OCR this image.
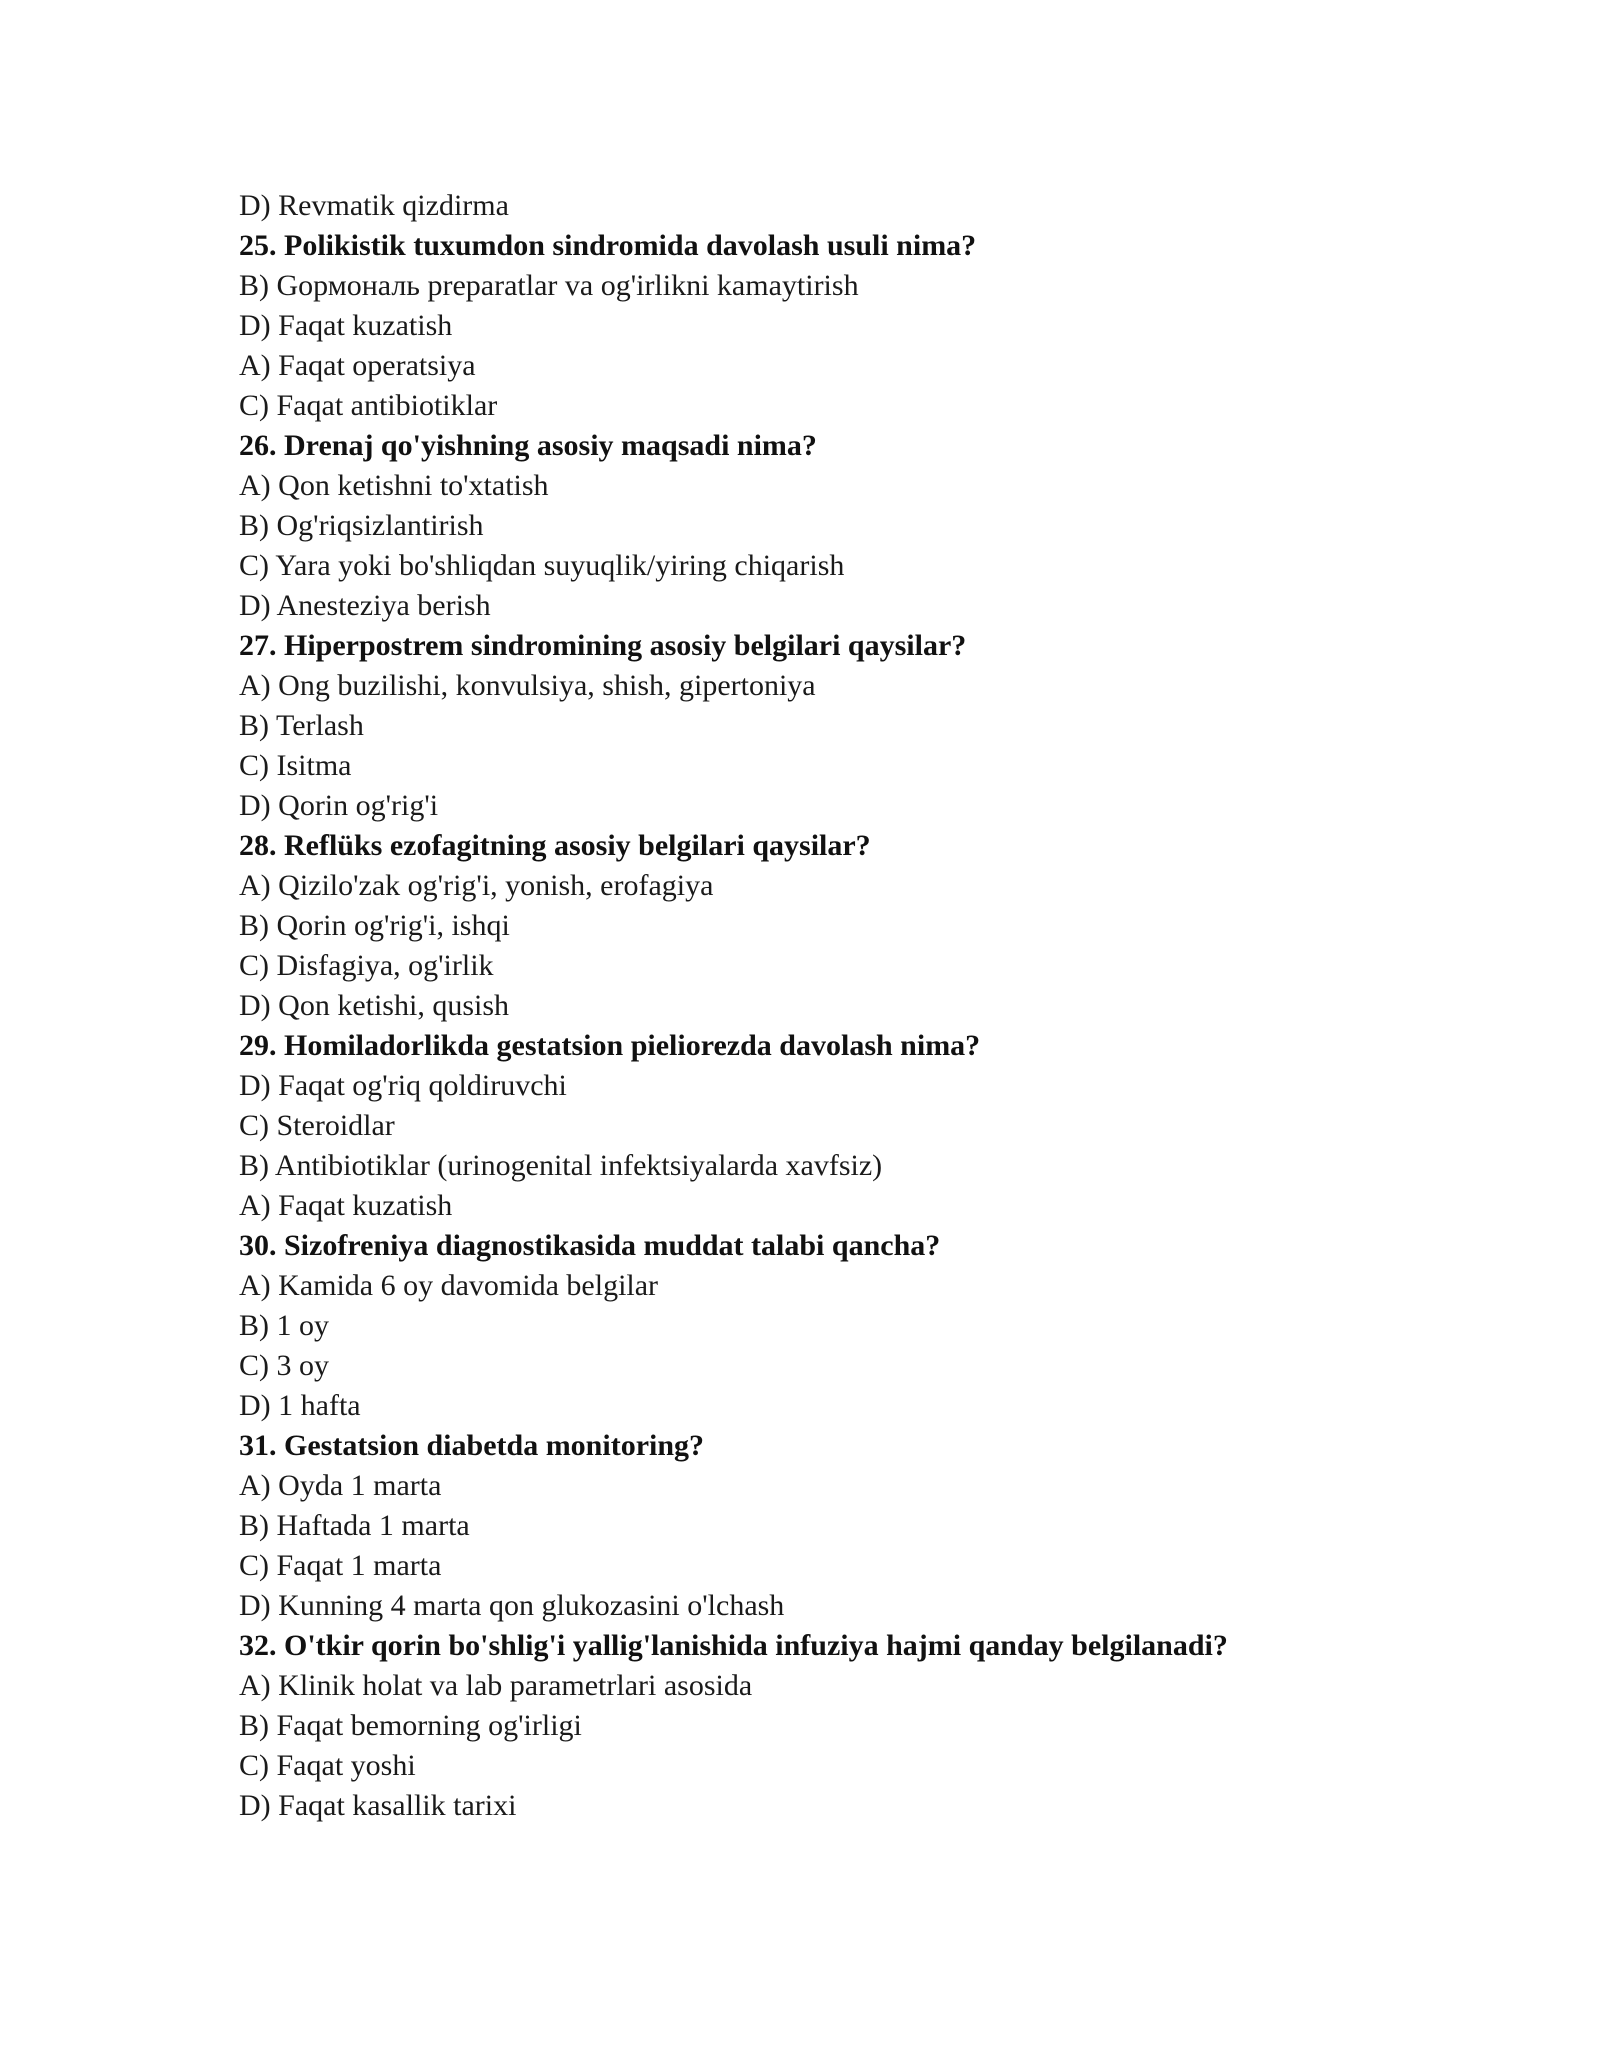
D) Revmatik qizdirma
25. Polikistik tuxumdon sindromida davolash usuli nima?
B) Gормональ preparatlar va og'irlikni kamaytirish
D) Faqat kuzatish
A) Faqat operatsiya
C) Faqat antibiotiklar
26. Drenaj qo'yishning asosiy maqsadi nima?
A) Qon ketishni to'xtatish
B) Og'riqsizlantirish
C) Yara yoki bo'shliqdan suyuqlik/yiring chiqarish
D) Anesteziya berish
27. Hiperpostrem sindromining asosiy belgilari qaysilar?
A) Ong buzilishi, konvulsiya, shish, gipertoniya
B) Terlash
C) Isitma
D) Qorin og'rig'i
28. Reflüks ezofagitning asosiy belgilari qaysilar?
A) Qizilo'zak og'rig'i, yonish, erofagiya
B) Qorin og'rig'i, ishqi
C) Disfagiya, og'irlik
D) Qon ketishi, qusish
29. Homiladorlikda gestatsion pieliorezda davolash nima?
D) Faqat og'riq qoldiruvchi
C) Steroidlar
B) Antibiotiklar (urinogenital infektsiyalarda xavfsiz)
A) Faqat kuzatish
30. Sizofreniya diagnostikasida muddat talabi qancha?
A) Kamida 6 oy davomida belgilar
B) 1 oy
C) 3 oy
D) 1 hafta
31. Gestatsion diabetda monitoring?
A) Oyda 1 marta
B) Haftada 1 marta
C) Faqat 1 marta
D) Kunning 4 marta qon glukozasini o'lchash
32. O'tkir qorin bo'shlig'i yallig'lanishida infuziya hajmi qanday belgilanadi?
A) Klinik holat va lab parametrlari asosida
B) Faqat bemorning og'irligi
C) Faqat yoshi
D) Faqat kasallik tarixi
